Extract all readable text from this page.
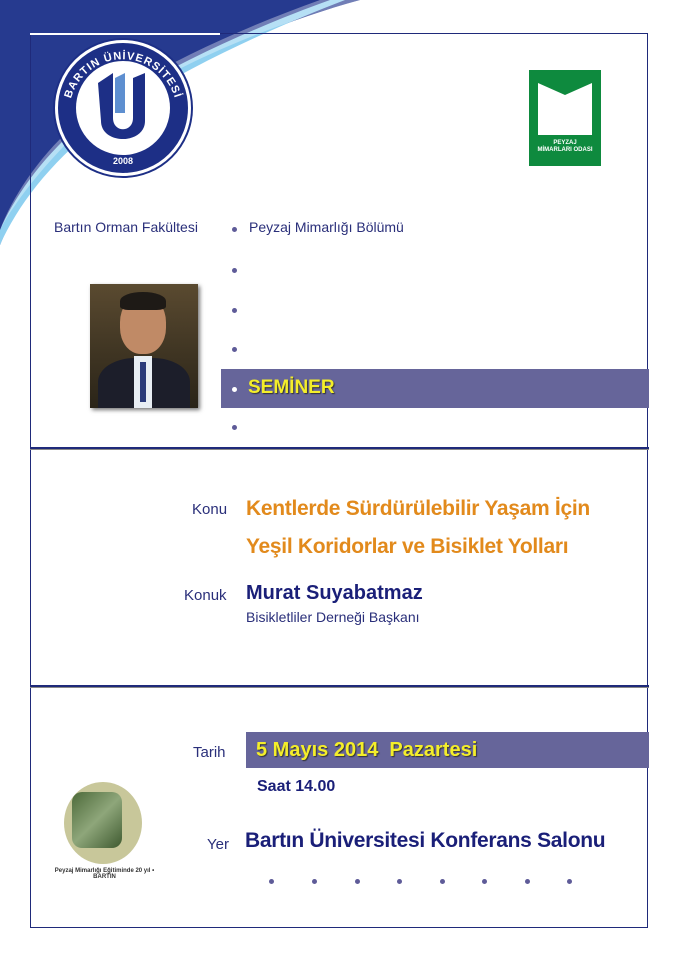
BARTIN ÜNİVERSİTESİ
2008
PEYZAJ MİMARLARI ODASI
Bartın Orman Fakültesi	Peyzaj Mimarlığı Bölümü
SEMİNER
Konu Kentlerde Sürdürülebilir Yaşam İçin
Yeşil Koridorlar ve Bisiklet Yolları
Konuk Murat Suyabatmaz
Bisikletliler Derneği Başkanı
Peyzaj Mimarlığı Eğitiminde 20 yıl • BARTIN
Tarih 5 Mayıs 2014  Pazartesi
Saat 14.00
Yer Bartın Üniversitesi Konferans Salonu
